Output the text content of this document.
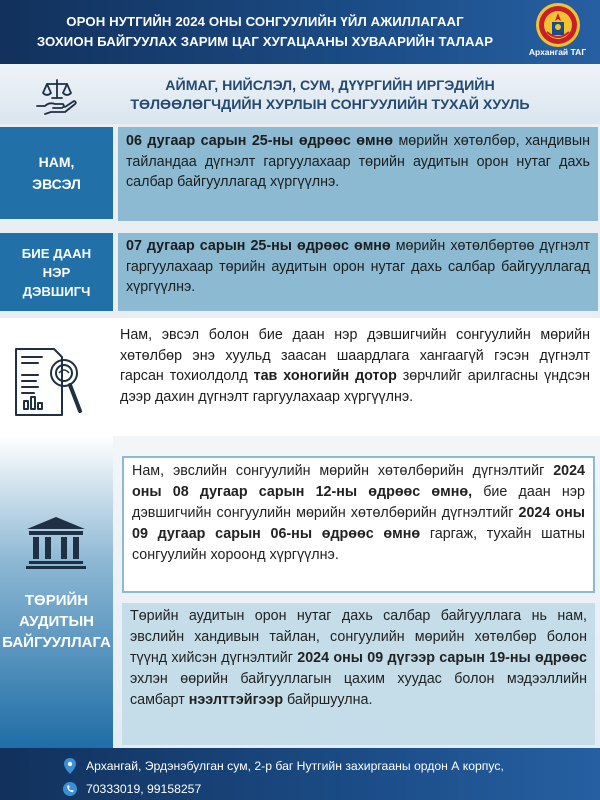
ОРОН НУТГИЙН 2024 ОНЫ СОНГУУЛИЙН ҮЙЛ АЖИЛЛАГААГ
ЗОХИОН БАЙГУУЛАХ ЗАРИМ ЦАГ ХУГАЦААНЫ ХУВААРИЙН ТАЛААР
Архангай ТАГ
АЙМАГ, НИЙСЛЭЛ, СУМ, ДҮҮРГИЙН ИРГЭДИЙН
ТӨЛӨӨЛӨГЧДИЙН ХУРЛЫН СОНГУУЛИЙН ТУХАЙ ХУУЛЬ
НАМ,
ЭВСЭЛ
06 дугаар сарын 25-ны өдрөөс өмнө мөрийн хөтөлбөр, хандивын тайландаа дүгнэлт гаргуулахаар төрийн аудитын орон нутаг дахь салбар байгууллагад хүргүүлнэ.
БИЕ ДААН
НЭР
ДЭВШИГЧ
07 дугаар сарын 25-ны өдрөөс өмнө мөрийн хөтөлбөртөө дүгнэлт гаргуулахаар төрийн аудитын орон нутаг дахь салбар байгууллагад хүргүүлнэ.
Нам, эвсэл болон бие даан нэр дэвшигчийн сонгуулийн мөрийн хөтөлбөр энэ хуульд заасан шаардлага хангаагүй гэсэн дүгнэлт гарсан тохиолдолд тав хоногийн дотор зөрчлийг арилгасны үндсэн дээр дахин дүгнэлт гаргуулахаар хүргүүлнэ.
ТӨРИЙН
АУДИТЫН
БАЙГУУЛЛАГА
Нам, эвслийн сонгуулийн мөрийн хөтөлбөрийн дүгнэлтийг 2024 оны 08 дугаар сарын 12-ны өдрөөс өмнө, бие даан нэр дэвшигчийн сонгуулийн мөрийн хөтөлбөрийн дүгнэлтийг 2024 оны 09 дугаар сарын 06-ны өдрөөс өмнө гаргаж, тухайн шатны сонгуулийн хороонд хүргүүлнэ.
Төрийн аудитын орон нутаг дахь салбар байгууллага нь нам, эвслийн хандивын тайлан, сонгуулийн мөрийн хөтөлбөр болон түүнд хийсэн дүгнэлтийг 2024 оны 09 дүгээр сарын 19-ны өдрөөс эхлэн өөрийн байгууллагын цахим хуудас болон мэдээллийн самбарт нээлттэйгээр байршуулна.
Архангай, Эрдэнэбулган сум, 2-р баг Нутгийн захиргааны ордон А корпус,
70333019, 99158257
